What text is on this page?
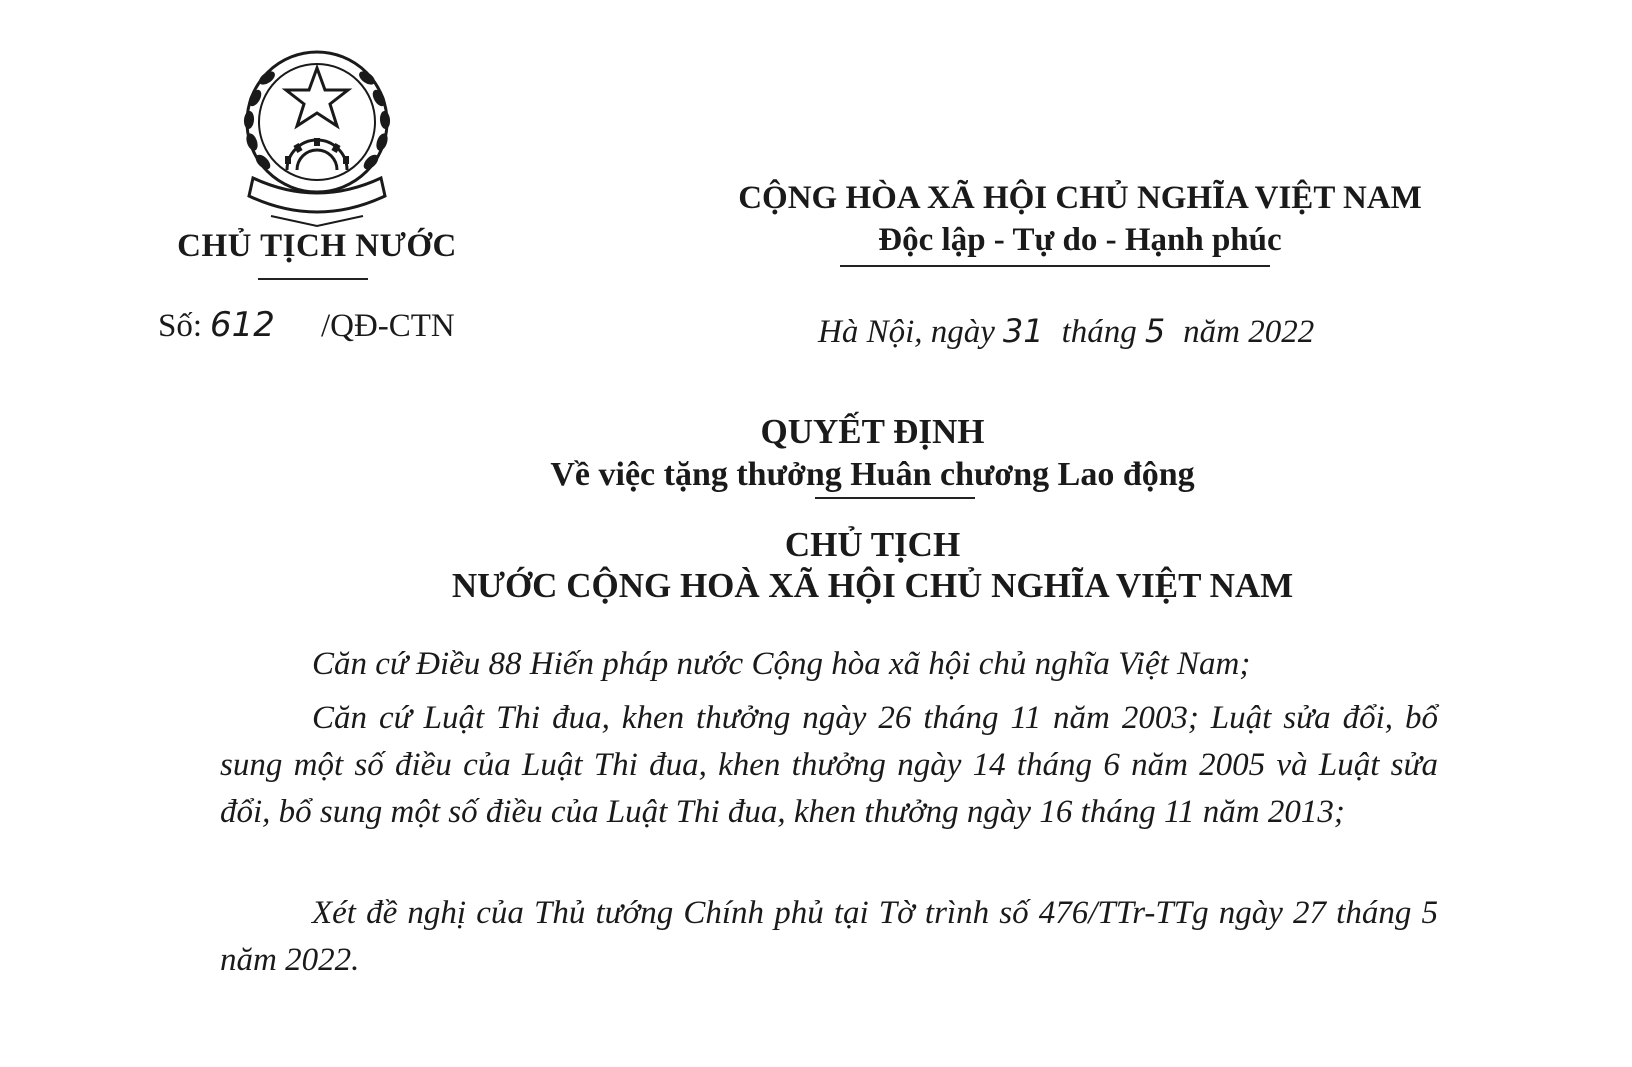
CHỦ TỊCH NƯỚC
Số: 612 /QĐ-CTN
CỘNG HÒA XÃ HỘI CHỦ NGHĨA VIỆT NAM
Độc lập - Tự do - Hạnh phúc
Hà Nội, ngày 31 tháng 5 năm 2022
QUYẾT ĐỊNH
Về việc tặng thưởng Huân chương Lao động
CHỦ TỊCH
NƯỚC CỘNG HOÀ XÃ HỘI CHỦ NGHĨA VIỆT NAM
Căn cứ Điều 88 Hiến pháp nước Cộng hòa xã hội chủ nghĩa Việt Nam;
Căn cứ Luật Thi đua, khen thưởng ngày 26 tháng 11 năm 2003; Luật sửa đổi, bổ sung một số điều của Luật Thi đua, khen thưởng ngày 14 tháng 6 năm 2005 và Luật sửa đổi, bổ sung một số điều của Luật Thi đua, khen thưởng ngày 16 tháng 11 năm 2013;
Xét đề nghị của Thủ tướng Chính phủ tại Tờ trình số 476/TTr-TTg ngày 27 tháng 5 năm 2022.
